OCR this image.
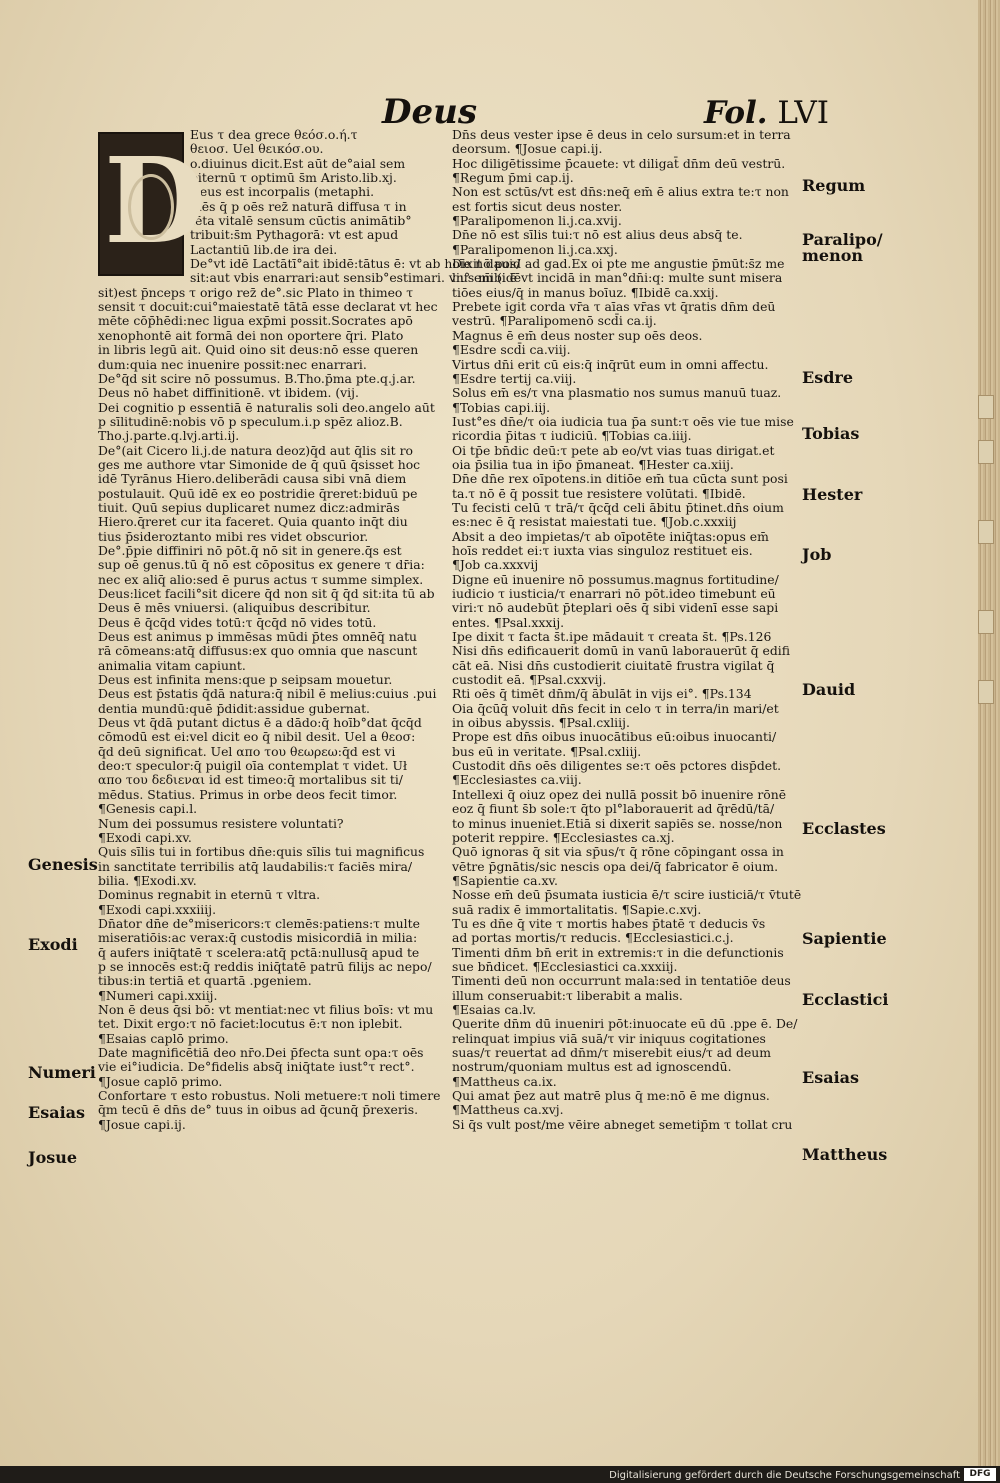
Deus	Fol. LVI
D
Eus τ dea grece θεόσ.ο.ή.τ
θειοσ. Uel θεικόσ.ου.
o.diuinus dicit.Est aūt de°aial sem
piternū τ optimū s̄m Aristo.lib.xj.
Deus est incorpalis (metaphi.
mēs q̄ p oēs rez̄ naturā diffusa τ in
tēta vitalē sensum cūctis animātib°
tribuit:s̄m Pythagorā: vt est apud
Lactantiū lib.de ira dei.
De°vt idē Lactātī°ait ibidē:tātus ē: vt ab hoīe nō pos/
sit:aut vbis enarrari:aut sensib°estimari. vn° em̄ (idē
sit)est p̄nceps τ origo rez̄ de°.sic Plato in thimeo τ
sensit τ docuit:cui°maiestatē tātā esse declarat vt hec
mēte cōp̄hēdi:nec ligua exp̄mi possit.Socrates apō
xenophontē ait formā dei non oportere q̄ri. Plato
in libris legū ait. Quid oino sit deus:nō esse queren
dum:quia nec inuenire possit:nec enarrari.
De°q̄d sit scire nō possumus. B.Tho.p̄ma pte.q.j.ar.
Deus nō habet diffinitionē. vt ibidem. (vij.
Dei cognitio p essentiā ē naturalis soli deo.angelo aūt
p sīlitudinē:nobis vō p speculum.i.p spēz alioz.B.
Tho.j.parte.q.lvj.arti.ij.
De°(ait Cicero li.j.de natura deoz)q̄d aut q̄lis sit ro
ges me authore vtar Simonide de q̄ quū q̄sisset hoc
idē Tyrānus Hiero.deliberādi causa sibi vnā diem
postulauit. Quū idē ex eo postridie q̄reret:biduū pe
tiuit. Quū sepius duplicaret numez dicz:admirās
Hiero.q̄reret cur ita faceret. Quia quanto inq̄t diu
tius p̄sideroztanto mibi res videt obscurior.
De°.p̄pie diffiniri nō pōt.q̄ nō sit in genere.q̄s est
sup oē genus.tū q̄ nō est cōpositus ex genere τ dr̄ia:
nec ex aliq̄ alio:sed ē purus actus τ summe simplex.
Deus:licet facili°sit dicere q̄d non sit q̄ q̄d sit:ita tū ab
Deus ē mēs vniuersi. (aliquibus describitur.
Deus ē q̄cq̄d vides totū:τ q̄cq̄d nō vides totū.
Deus est animus p immēsas mūdi p̄tes omnēq̄ natu
rā cōmeans:atq̄ diffusus:ex quo omnia que nascunt
animalia vitam capiunt.
Deus est infinita mens:que p seipsam mouetur.
Deus est p̄statis q̄dā natura:q̄ nibil ē melius:cuius .pui
dentia mundū:quē p̄didit:assidue gubernat.
Deus vt q̄dā putant dictus ē a dādo:q̄ hoīb°dat q̄cq̄d
cōmodū est ei:vel dicit eo q̄ nibil desit. Uel a θεοσ:
q̄d deū significat. Uel απο του θεωρεω:q̄d est vi
deo:τ speculor:q̄ puigil oīa contemplat τ videt. Uł
απο του δεδιεναι id est timeo:q̄ mortalibus sit ti/
mēdus. Statius. Primus in orbe deos fecit timor.
¶Genesis capi.l.
Num dei possumus resistere voluntati?
¶Exodi capi.xv.
Quis sīlis tui in fortibus dn̄e:quis sīlis tui magnificus
in sanctitate terribilis atq̄ laudabilis:τ faciēs mira/
bilia. ¶Exodi.xv.
Dominus regnabit in eternū τ vltra.
¶Exodi capi.xxxiiij.
Dn̄ator dn̄e de°misericors:τ clemēs:patiens:τ multe
miseratiōis:ac verax:q̄ custodis misicordiā in milia:
q̄ aufers iniq̄tatē τ scelera:atq̄ pctā:nullusq̄ apud te
p se innocēs est:q̄ reddis iniq̄tatē patrū filijs ac nepo/
tibus:in tertiā et quartā .pgeniem.
¶Numeri capi.xxiij.
Non ē deus q̄si bō: vt mentiat:nec vt filius boīs: vt mu
tet. Dixit ergo:τ nō faciet:locutus ē:τ non iplebit.
¶Esaias caplō primo.
Date magnificētiā deo nr̄o.Dei p̄fecta sunt opa:τ oēs
vie ei°iudicia. De°fidelis absq̄ iniq̄tate iust°τ rect°.
¶Josue caplō primo.
Confortare τ esto robustus. Noli metuere:τ noli timere
q̄m tecū ē dn̄s de° tuus in oibus ad q̄cunq̄ p̄rexeris.
¶Josue capi.ij.
Dn̄s deus vester ipse ē deus in celo sursum:et in terra
deorsum. ¶Josue capi.ij.
Hoc diligētissime p̄cauete: vt diligat̄ dn̄m deū vestrū.
¶Regum p̄mi cap.ij.
Non est sctūs/vt est dn̄s:neq̄ em̄ ē alius extra te:τ non
est fortis sicut deus noster.
¶Paralipomenon li.j.ca.xvij.
Dn̄e nō est sīlis tui:τ nō est alius deus absq̄ te.
¶Paralipomenon li.j.ca.xxj.
Dixit dauid ad gad.Ex oi pte me angustie p̄mūt:s̄z me
lius mibi ē vt incidā in man°dn̄i:q: multe sunt misera
tiōes eius/q̄ in manus boīuz. ¶Ibidē ca.xxij.
Prebete igit corda vr̄a τ aīas vr̄as vt q̄ratis dn̄m deū
vestrū. ¶Paralipomenō scd̄i ca.ij.
Magnus ē em̄ deus noster sup oēs deos.
¶Esdre scd̄i ca.viij.
Virtus dn̄i erit cū eis:q̄ inq̄rūt eum in omni affectu.
¶Esdre tertij ca.viij.
Solus em̄ es/τ vna plasmatio nos sumus manuū tuaz.
¶Tobias capi.iij.
Iust°es dn̄e/τ oia iudicia tua p̄a sunt:τ oēs vie tue mise
ricordia p̄itas τ iudiciū. ¶Tobias ca.iiij.
Oi tp̄e bn̄dic deū:τ pete ab eo/vt vias tuas dirigat.et
oia p̄silia tua in ip̄o p̄maneat. ¶Hester ca.xiij.
Dn̄e dn̄e rex oīpotens.in ditiōe em̄ tua cūcta sunt posi
ta.τ nō ē q̄ possit tue resistere volūtati. ¶Ibidē.
Tu fecisti celū τ trā/τ q̄cq̄d celi ābitu p̄tinet.dn̄s oium
es:nec ē q̄ resistat maiestati tue. ¶Job.c.xxxiij
Absit a deo impietas/τ ab oīpotēte iniq̄tas:opus em̄
hoīs reddet ei:τ iuxta vias singuloz restituet eis.
¶Job ca.xxxvij
Digne eū inuenire nō possumus.magnus fortitudine/
iudicio τ iusticia/τ enarrari nō pōt.ideo timebunt eū
viri:τ nō audebūt p̄teplari oēs q̄ sibi videnī esse sapi
entes. ¶Psal.xxxij.
Ipe dixit τ facta s̄t.ipe mādauit τ creata s̄t. ¶Ps.126
Nisi dn̄s edificauerit domū in vanū laborauerūt q̄ edifi
cāt eā. Nisi dn̄s custodierit ciuitatē frustra vigilat q̄
custodit eā. ¶Psal.cxxvij.
Rti oēs q̄ timēt dn̄m/q̄ ābulāt in vijs ei°. ¶Ps.134
Oia q̄cūq̄ voluit dn̄s fecit in celo τ in terra/in mari/et
in oibus abyssis. ¶Psal.cxliij.
Prope est dn̄s oibus inuocātibus eū:oibus inuocanti/
bus eū in veritate. ¶Psal.cxliij.
Custodit dn̄s oēs diligentes se:τ oēs pctores disp̄det.
¶Ecclesiastes ca.viij.
Intellexi q̄ oiuz opez dei nullā possit bō inuenire rōnē
eoz q̄ fiunt s̄b sole:τ q̄to pl°laborauerit ad q̄rēdū/tā/
to minus inueniet.Etiā si dixerit sapiēs se. nosse/non
poterit reppire. ¶Ecclesiastes ca.xj.
Quō ignoras q̄ sit via sp̄us/τ q̄ rōne cōpingant ossa in
vētre p̄gnātis/sic nescis opa dei/q̄ fabricator ē oium.
¶Sapientie ca.xv.
Nosse em̄ deū p̄sumata iusticia ē/τ scire iusticiā/τ v̄tutē
suā radix ē immortalitatis. ¶Sapie.c.xvj.
Tu es dn̄e q̄ vite τ mortis habes p̄tatē τ deducis v̄s
ad portas mortis/τ reducis. ¶Ecclesiastici.c.j.
Timenti dn̄m bn̄ erit in extremis:τ in die defunctionis
sue bn̄dicet. ¶Ecclesiastici ca.xxxiij.
Timenti deū non occurrunt mala:sed in tentatiōe deus
illum conseruabit:τ liberabit a malis.
¶Esaias ca.lv.
Querite dn̄m dū inueniri pōt:inuocate eū dū .ppe ē. De/
relinquat impius viā suā/τ vir iniquus cogitationes
suas/τ reuertat ad dn̄m/τ miserebit eius/τ ad deum
nostrum/quoniam multus est ad ignoscendū.
¶Mattheus ca.ix.
Qui amat p̄ez aut matrē plus q̄ me:nō ē me dignus.
¶Mattheus ca.xvj.
Si q̄s vult post/me vēire abneget semetip̄m τ tollat cru
Genesis
Exodi
Numeri
Esaias
Josue
Regum
Paralipo/
menon
Esdre
Tobias
Hester
Job
Dauid
Ecclastes
Sapientie
Ecclastici
Esaias
Mattheus
Digitalisierung gefördert durch die Deutsche Forschungsgemeinschaft	DFG
